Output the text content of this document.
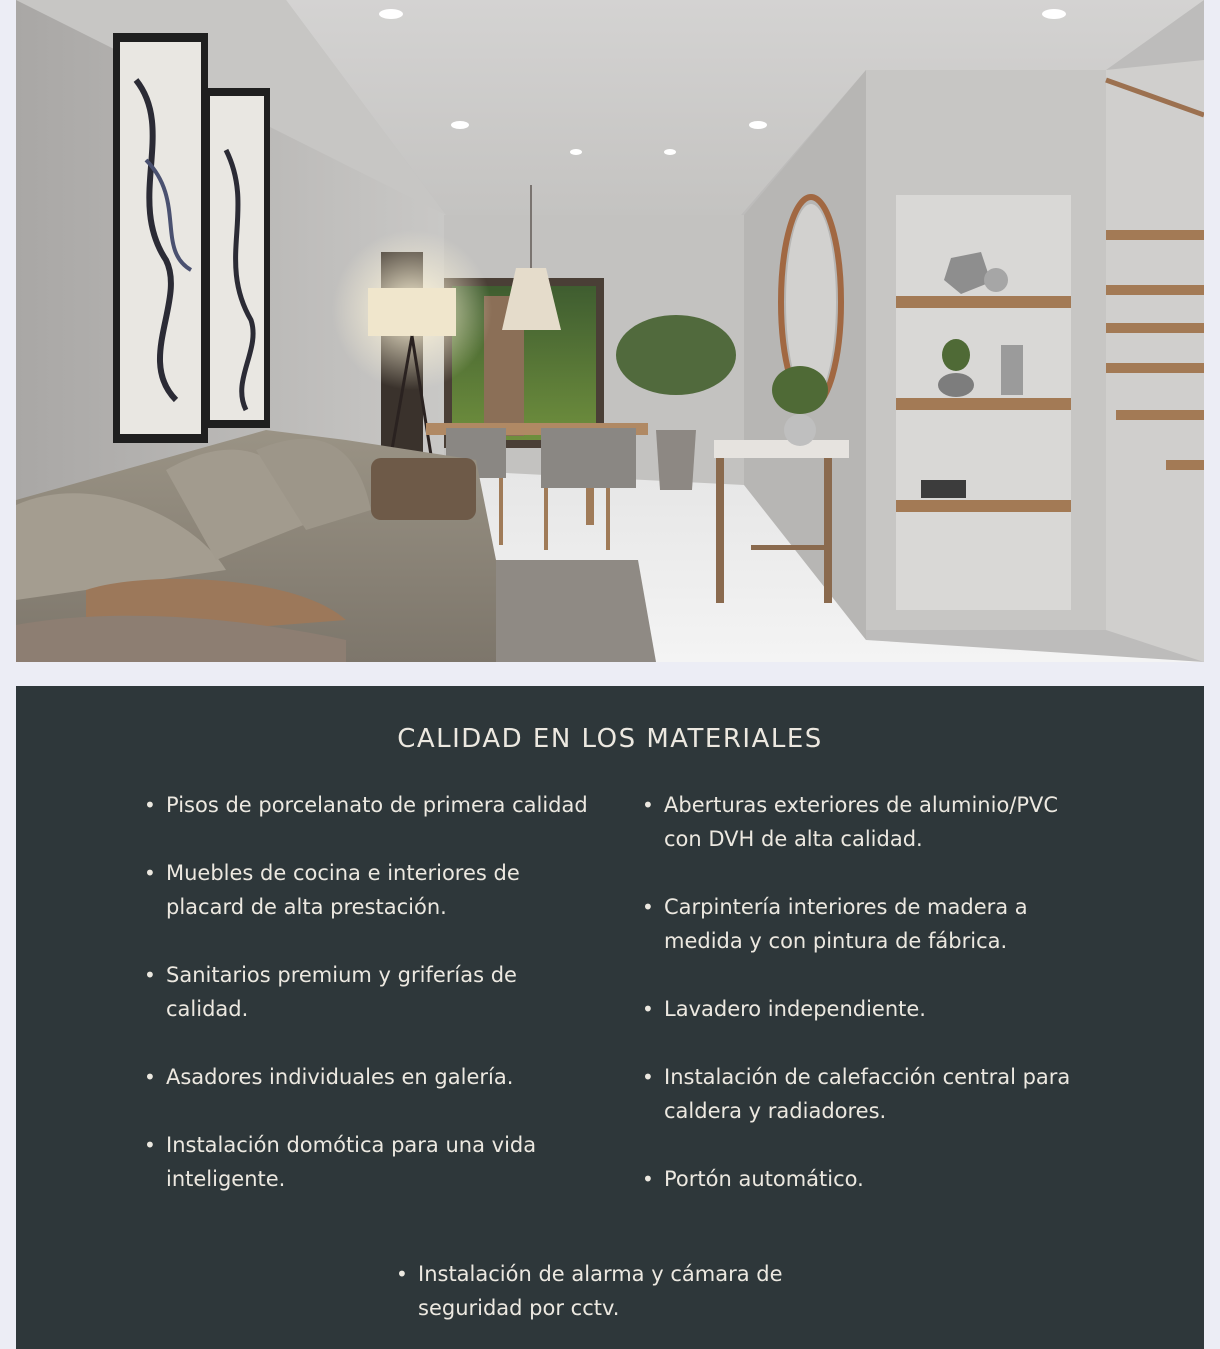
CALIDAD EN LOS MATERIALES
• Pisos de porcelanato de primera calidad
• Muebles de cocina e interiores de placard de alta prestación.
• Sanitarios premium y griferías de calidad.
• Asadores individuales en galería.
• Instalación domótica para una vida inteligente.
• Aberturas exteriores de aluminio/PVC con DVH de alta calidad.
• Carpintería interiores de madera a medida y con pintura de fábrica.
• Lavadero independiente.
• Instalación de calefacción central para caldera y radiadores.
• Portón automático.
• Instalación de alarma y cámara de seguridad por cctv.
